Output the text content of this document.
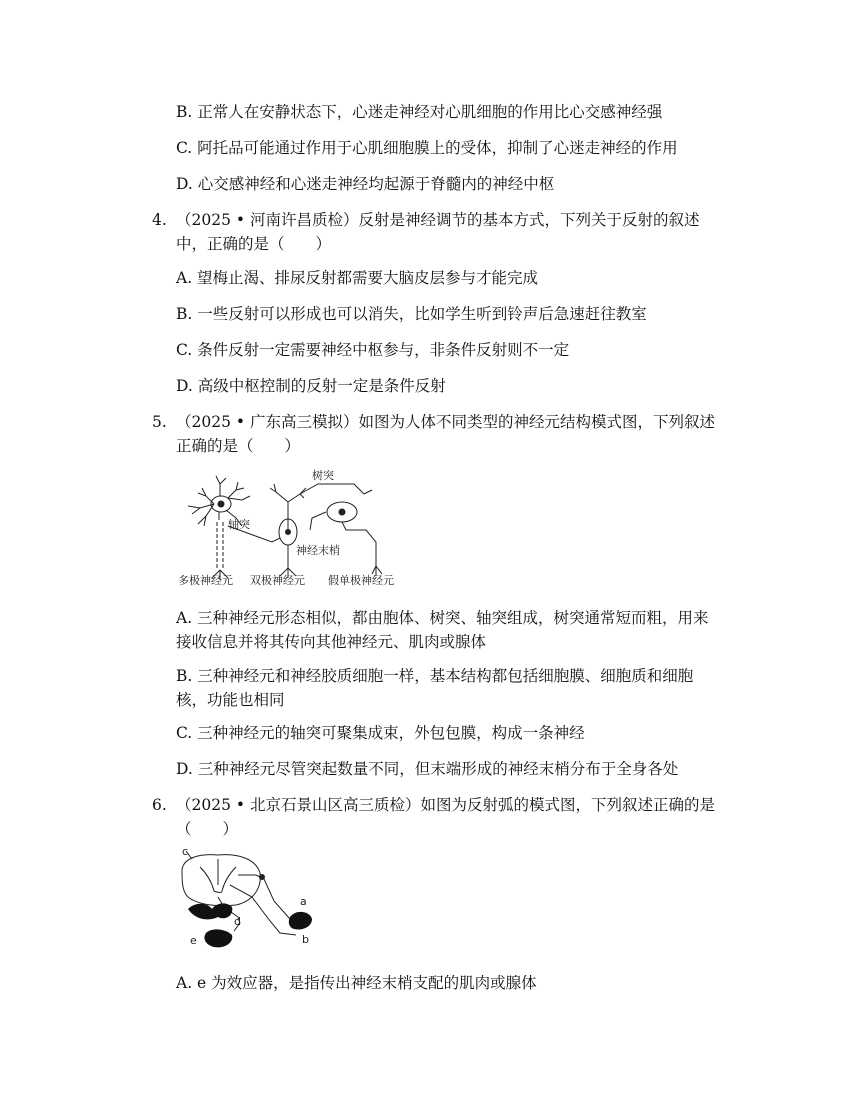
B. 正常人在安静状态下，心迷走神经对心肌细胞的作用比心交感神经强
C. 阿托品可能通过作用于心肌细胞膜上的受体，抑制了心迷走神经的作用
D. 心交感神经和心迷走神经均起源于脊髓内的神经中枢
4. （2025 • 河南许昌质检）反射是神经调节的基本方式，下列关于反射的叙述中，正确的是（　　）
A. 望梅止渴、排尿反射都需要大脑皮层参与才能完成
B. 一些反射可以形成也可以消失，比如学生听到铃声后急速赶往教室
C. 条件反射一定需要神经中枢参与，非条件反射则不一定
D. 高级中枢控制的反射一定是条件反射
5. （2025 • 广东高三模拟）如图为人体不同类型的神经元结构模式图，下列叙述正确的是（　　）
树突
轴突
神经末梢
多极神经元 双极神经元 假单极神经元
A. 三种神经元形态相似，都由胞体、树突、轴突组成，树突通常短而粗，用来接收信息并将其传向其他神经元、肌肉或腺体
B. 三种神经元和神经胶质细胞一样，基本结构都包括细胞膜、细胞质和细胞核，功能也相同
C. 三种神经元的轴突可聚集成束，外包包膜，构成一条神经
D. 三种神经元尽管突起数量不同，但末端形成的神经末梢分布于全身各处
6. （2025 • 北京石景山区高三质检）如图为反射弧的模式图，下列叙述正确的是（　　）
c
a
b
d
e
A. e 为效应器，是指传出神经末梢支配的肌肉或腺体
